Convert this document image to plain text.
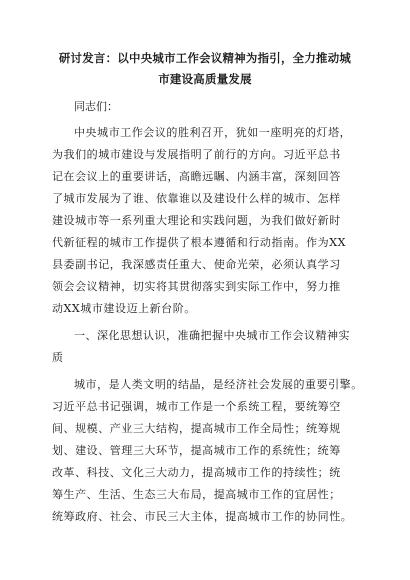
研讨发言：以中央城市工作会议精神为指引，全力推动城
市建设高质量发展
同志们：
中央城市工作会议的胜利召开，犹如一座明亮的灯塔，
为我们的城市建设与发展指明了前行的方向。习近平总书
记在会议上的重要讲话，高瞻远瞩、内涵丰富，深刻回答
了城市发展为了谁、依靠谁以及建设什么样的城市、怎样
建设城市等一系列重大理论和实践问题，为我们做好新时
代新征程的城市工作提供了根本遵循和行动指南。作为XX
县委副书记，我深感责任重大、使命光荣，必须认真学习
领会会议精神，切实将其贯彻落实到实际工作中，努力推
动XX城市建设迈上新台阶。
一、深化思想认识，准确把握中央城市工作会议精神实
质
城市，是人类文明的结晶，是经济社会发展的重要引擎。
习近平总书记强调，城市工作是一个系统工程，要统筹空
间、规模、产业三大结构，提高城市工作全局性；统筹规
划、建设、管理三大环节，提高城市工作的系统性；统筹
改革、科技、文化三大动力，提高城市工作的持续性；统
筹生产、生活、生态三大布局，提高城市工作的宜居性；
统筹政府、社会、市民三大主体，提高城市工作的协同性。
